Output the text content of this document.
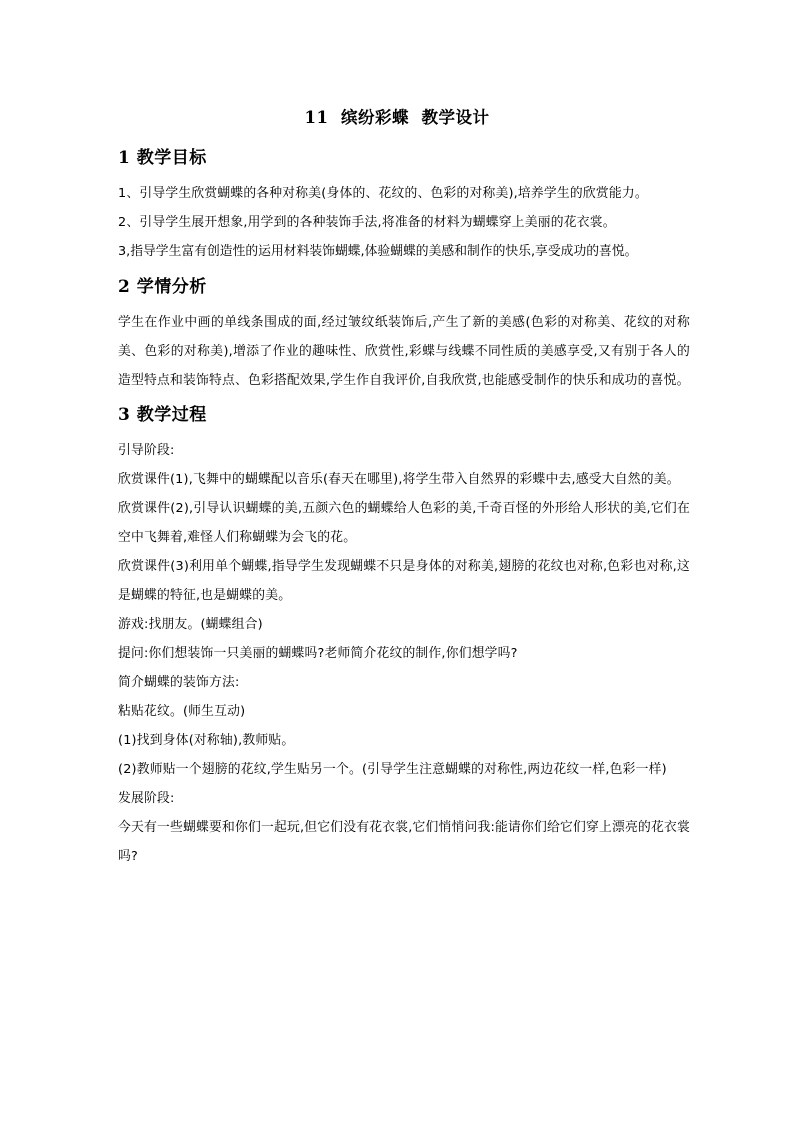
11  缤纷彩蝶  教学设计
1 教学目标

1、引导学生欣赏蝴蝶的各种对称美(身体的、花纹的、色彩的对称美),培养学生的欣赏能力。

2、引导学生展开想象,用学到的各种装饰手法,将准备的材料为蝴蝶穿上美丽的花衣裳。

3,指导学生富有创造性的运用材料装饰蝴蝶,体验蝴蝶的美感和制作的快乐,享受成功的喜悦。

2 学情分析

学生在作业中画的单线条围成的面,经过皱纹纸装饰后,产生了新的美感(色彩的对称美、花纹的对称美、色彩的对称美),增添了作业的趣味性、欣赏性,彩蝶与线蝶不同性质的美感享受,又有别于各人的造型特点和装饰特点、色彩搭配效果,学生作自我评价,自我欣赏,也能感受制作的快乐和成功的喜悦。

3 教学过程

引导阶段:

欣赏课件(1),飞舞中的蝴蝶配以音乐(春天在哪里),将学生带入自然界的彩蝶中去,感受大自然的美。

欣赏课件(2),引导认识蝴蝶的美,五颜六色的蝴蝶给人色彩的美,千奇百怪的外形给人形状的美,它们在空中飞舞着,难怪人们称蝴蝶为会飞的花。

欣赏课件(3)利用单个蝴蝶,指导学生发现蝴蝶不只是身体的对称美,翅膀的花纹也对称,色彩也对称,这是蝴蝶的特征,也是蝴蝶的美。

游戏:找朋友。(蝴蝶组合)

提问:你们想装饰一只美丽的蝴蝶吗?老师简介花纹的制作,你们想学吗?

简介蝴蝶的装饰方法:

粘贴花纹。(师生互动)

(1)找到身体(对称轴),教师贴。

(2)教师贴一个翅膀的花纹,学生贴另一个。(引导学生注意蝴蝶的对称性,两边花纹一样,色彩一样)

发展阶段:

今天有一些蝴蝶要和你们一起玩,但它们没有花衣裳,它们悄悄问我:能请你们给它们穿上漂亮的花衣裳吗?
